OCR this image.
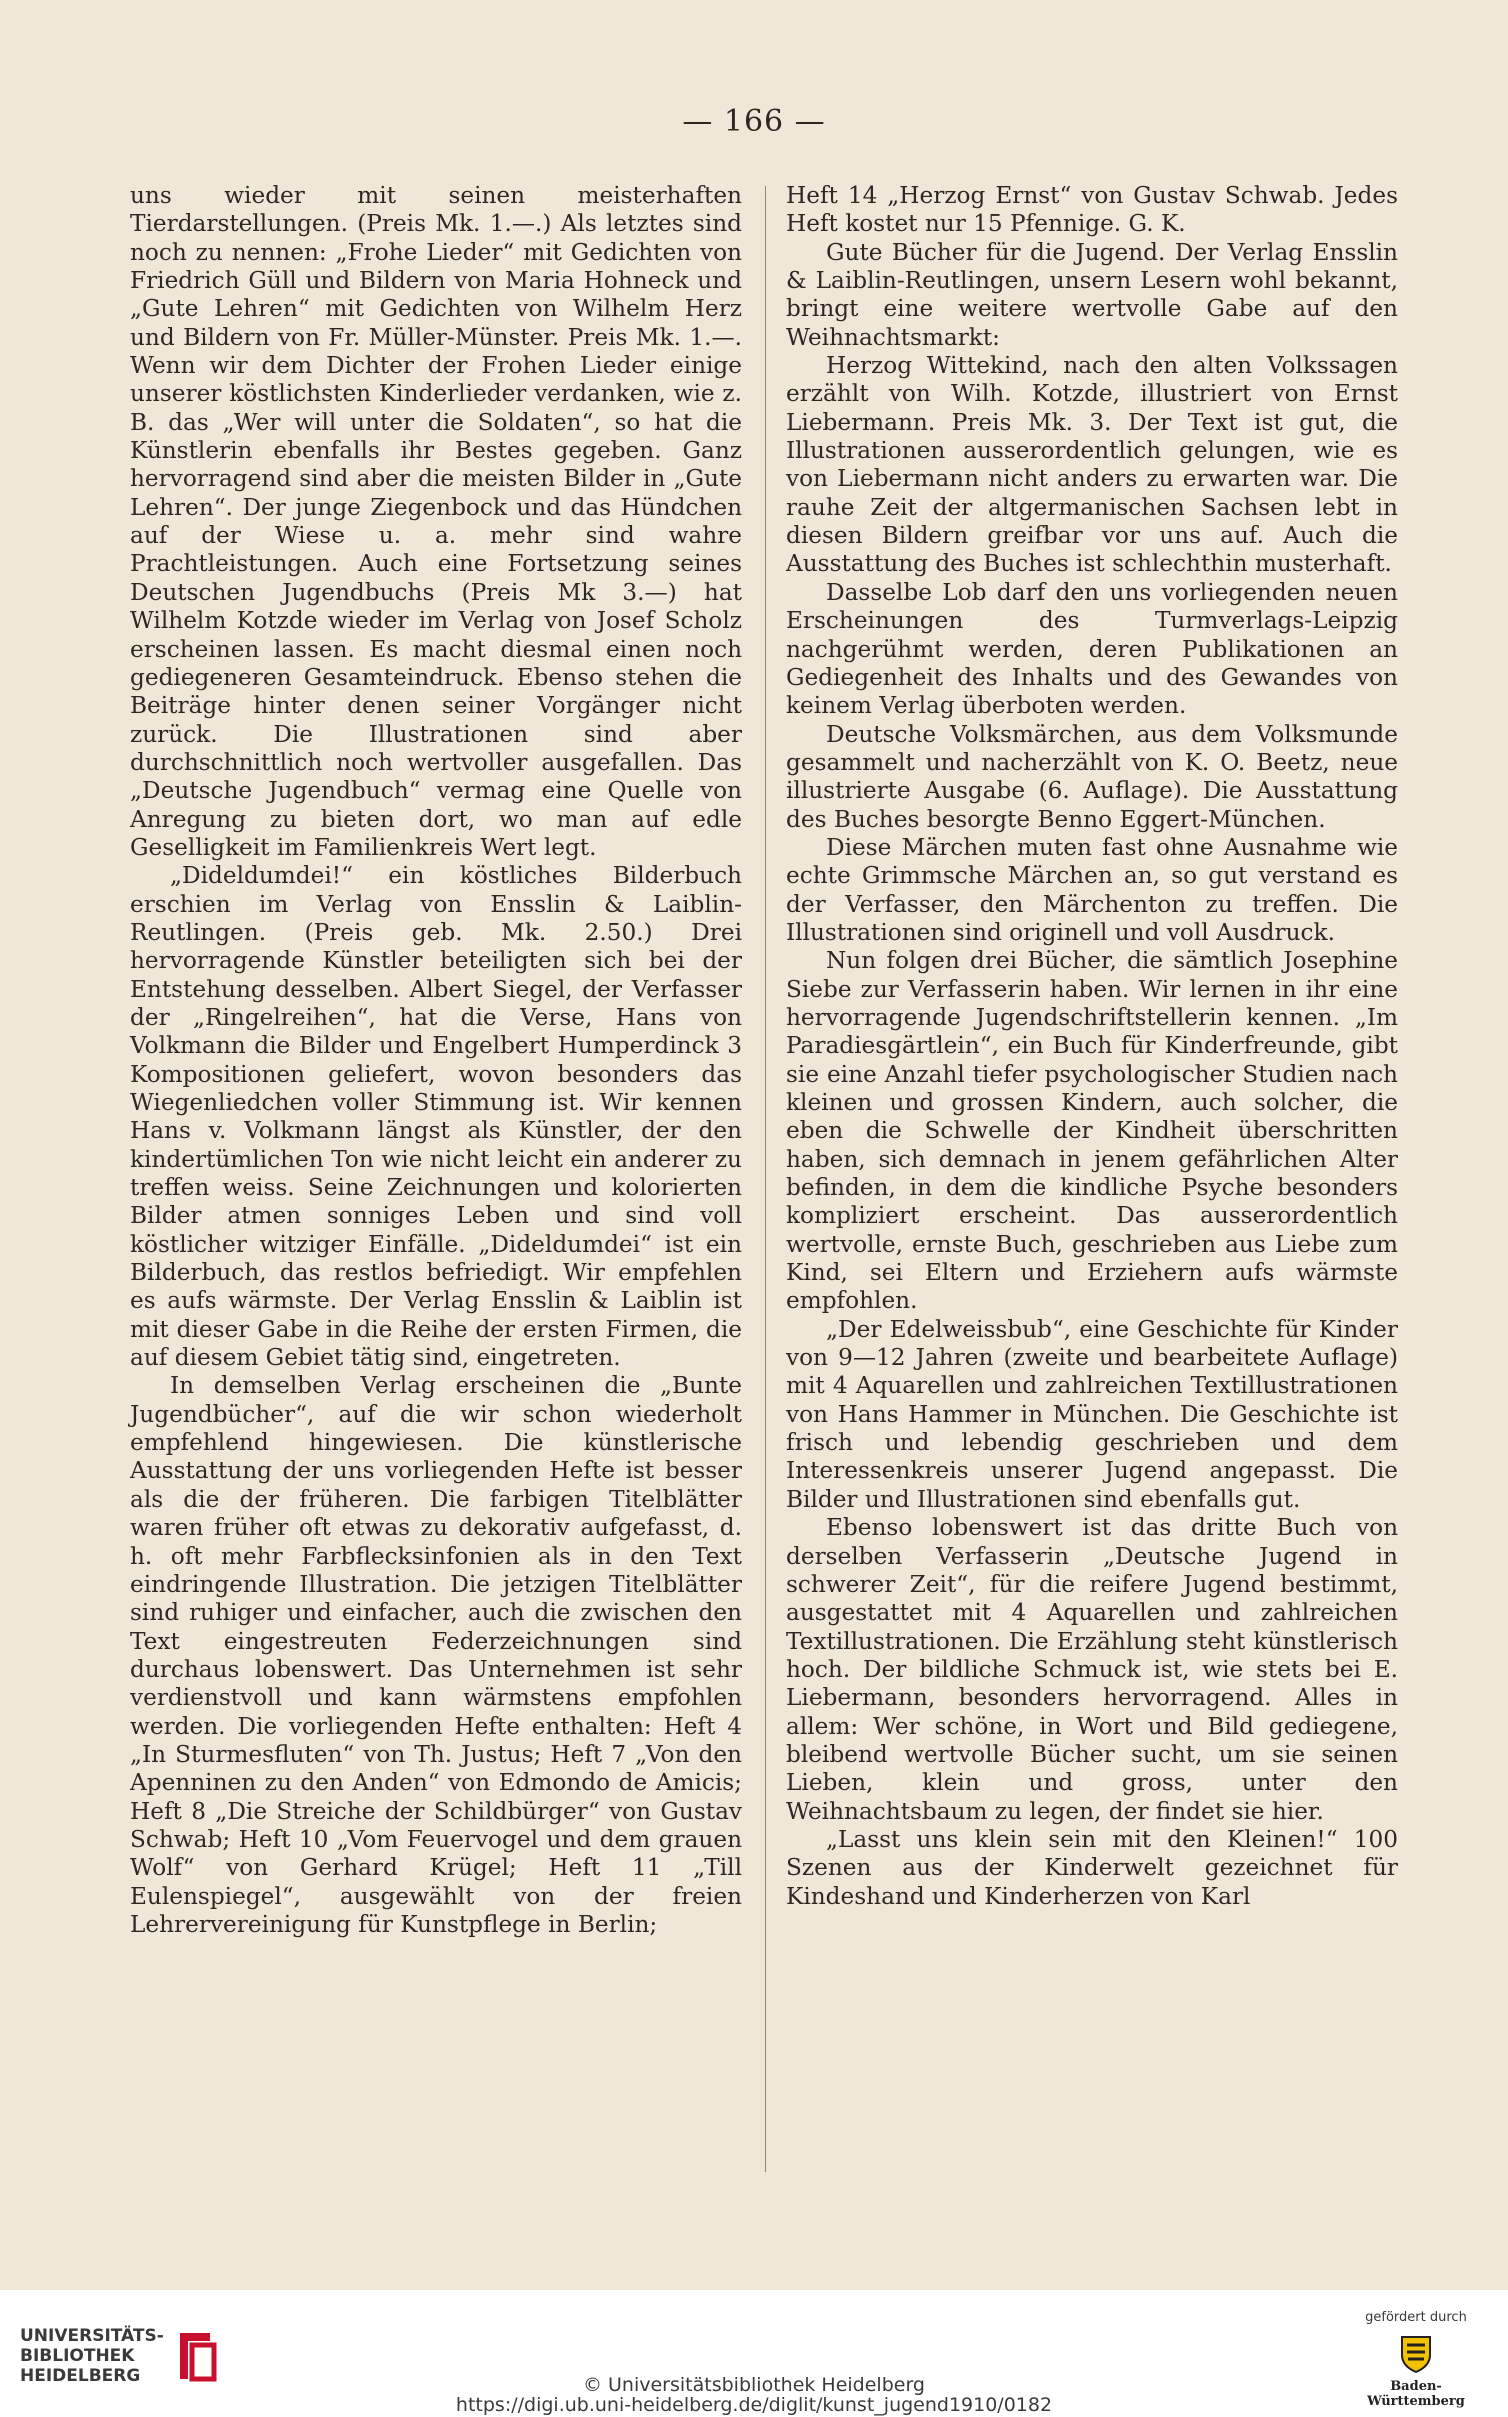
— 166 —

uns wieder mit seinen meisterhaften Tierdarstellungen. (Preis Mk. 1.—.) Als letztes sind noch zu nennen: „Frohe Lieder“ mit Gedichten von Friedrich Güll und Bildern von Maria Hohneck und „Gute Lehren“ mit Gedichten von Wilhelm Herz und Bildern von Fr. Müller-Münster. Preis Mk. 1.—. Wenn wir dem Dichter der Frohen Lieder einige unserer köstlichsten Kinderlieder verdanken, wie z. B. das „Wer will unter die Soldaten“, so hat die Künstlerin ebenfalls ihr Bestes gegeben. Ganz hervorragend sind aber die meisten Bilder in „Gute Lehren“. Der junge Ziegenbock und das Hündchen auf der Wiese u. a. mehr sind wahre Prachtleistungen. Auch eine Fortsetzung seines Deutschen Jugendbuchs (Preis Mk 3.—) hat Wilhelm Kotzde wieder im Verlag von Josef Scholz erscheinen lassen. Es macht diesmal einen noch gediegeneren Gesamteindruck. Ebenso stehen die Beiträge hinter denen seiner Vorgänger nicht zurück. Die Illustrationen sind aber durchschnittlich noch wertvoller ausgefallen. Das „Deutsche Jugendbuch“ vermag eine Quelle von Anregung zu bieten dort, wo man auf edle Geselligkeit im Familienkreis Wert legt.

„Dideldumdei!“ ein köstliches Bilderbuch erschien im Verlag von Ensslin & Laiblin-Reutlingen. (Preis geb. Mk. 2.50.) Drei hervorragende Künstler beteiligten sich bei der Entstehung desselben. Albert Siegel, der Verfasser der „Ringelreihen“, hat die Verse, Hans von Volkmann die Bilder und Engelbert Humperdinck 3 Kompositionen geliefert, wovon besonders das Wiegenliedchen voller Stimmung ist. Wir kennen Hans v. Volkmann längst als Künstler, der den kindertümlichen Ton wie nicht leicht ein anderer zu treffen weiss. Seine Zeichnungen und kolorierten Bilder atmen sonniges Leben und sind voll köstlicher witziger Einfälle. „Dideldumdei“ ist ein Bilderbuch, das restlos befriedigt. Wir empfehlen es aufs wärmste. Der Verlag Ensslin & Laiblin ist mit dieser Gabe in die Reihe der ersten Firmen, die auf diesem Gebiet tätig sind, eingetreten.

In demselben Verlag erscheinen die „Bunte Jugendbücher“, auf die wir schon wiederholt empfehlend hingewiesen. Die künstlerische Ausstattung der uns vorliegenden Hefte ist besser als die der früheren. Die farbigen Titelblätter waren früher oft etwas zu dekorativ aufgefasst, d. h. oft mehr Farbflecksinfonien als in den Text eindringende Illustration. Die jetzigen Titelblätter sind ruhiger und einfacher, auch die zwischen den Text eingestreuten Federzeichnungen sind durchaus lobenswert. Das Unternehmen ist sehr verdienstvoll und kann wärmstens empfohlen werden. Die vorliegenden Hefte enthalten: Heft 4 „In Sturmesfluten“ von Th. Justus; Heft 7 „Von den Apenninen zu den Anden“ von Edmondo de Amicis; Heft 8 „Die Streiche der Schildbürger“ von Gustav Schwab; Heft 10 „Vom Feuervogel und dem grauen Wolf“ von Gerhard Krügel; Heft 11 „Till Eulenspiegel“, ausgewählt von der freien Lehrervereinigung für Kunstpflege in Berlin;

Heft 14 „Herzog Ernst“ von Gustav Schwab. Jedes Heft kostet nur 15 Pfennige. G. K.

Gute Bücher für die Jugend. Der Verlag Ensslin & Laiblin-Reutlingen, unsern Lesern wohl bekannt, bringt eine weitere wertvolle Gabe auf den Weihnachtsmarkt:

Herzog Wittekind, nach den alten Volkssagen erzählt von Wilh. Kotzde, illustriert von Ernst Liebermann. Preis Mk. 3. Der Text ist gut, die Illustrationen ausserordentlich gelungen, wie es von Liebermann nicht anders zu erwarten war. Die rauhe Zeit der altgermanischen Sachsen lebt in diesen Bildern greifbar vor uns auf. Auch die Ausstattung des Buches ist schlechthin musterhaft.

Dasselbe Lob darf den uns vorliegenden neuen Erscheinungen des Turmverlags-Leipzig nachgerühmt werden, deren Publikationen an Gediegenheit des Inhalts und des Gewandes von keinem Verlag überboten werden.

Deutsche Volksmärchen, aus dem Volksmunde gesammelt und nacherzählt von K. O. Beetz, neue illustrierte Ausgabe (6. Auflage). Die Ausstattung des Buches besorgte Benno Eggert-München.

Diese Märchen muten fast ohne Ausnahme wie echte Grimmsche Märchen an, so gut verstand es der Verfasser, den Märchenton zu treffen. Die Illustrationen sind originell und voll Ausdruck.

Nun folgen drei Bücher, die sämtlich Josephine Siebe zur Verfasserin haben. Wir lernen in ihr eine hervorragende Jugendschriftstellerin kennen. „Im Paradiesgärtlein“, ein Buch für Kinderfreunde, gibt sie eine Anzahl tiefer psychologischer Studien nach kleinen und grossen Kindern, auch solcher, die eben die Schwelle der Kindheit überschritten haben, sich demnach in jenem gefährlichen Alter befinden, in dem die kindliche Psyche besonders kompliziert erscheint. Das ausserordentlich wertvolle, ernste Buch, geschrieben aus Liebe zum Kind, sei Eltern und Erziehern aufs wärmste empfohlen.

„Der Edelweissbub“, eine Geschichte für Kinder von 9—12 Jahren (zweite und bearbeitete Auflage) mit 4 Aquarellen und zahlreichen Textillustrationen von Hans Hammer in München. Die Geschichte ist frisch und lebendig geschrieben und dem Interessenkreis unserer Jugend angepasst. Die Bilder und Illustrationen sind ebenfalls gut.

Ebenso lobenswert ist das dritte Buch von derselben Verfasserin „Deutsche Jugend in schwerer Zeit“, für die reifere Jugend bestimmt, ausgestattet mit 4 Aquarellen und zahlreichen Textillustrationen. Die Erzählung steht künstlerisch hoch. Der bildliche Schmuck ist, wie stets bei E. Liebermann, besonders hervorragend. Alles in allem: Wer schöne, in Wort und Bild gediegene, bleibend wertvolle Bücher sucht, um sie seinen Lieben, klein und gross, unter den Weihnachtsbaum zu legen, der findet sie hier.

„Lasst uns klein sein mit den Kleinen!“ 100 Szenen aus der Kinderwelt gezeichnet für Kindeshand und Kinderherzen von Karl

UNIVERSITÄTS-
BIBLIOTHEK
HEIDELBERG	© Universitätsbibliothek Heidelberg
https://digi.ub.uni-heidelberg.de/diglit/kunst_jugend1910/0182
gefördert durch
Baden-Württemberg
